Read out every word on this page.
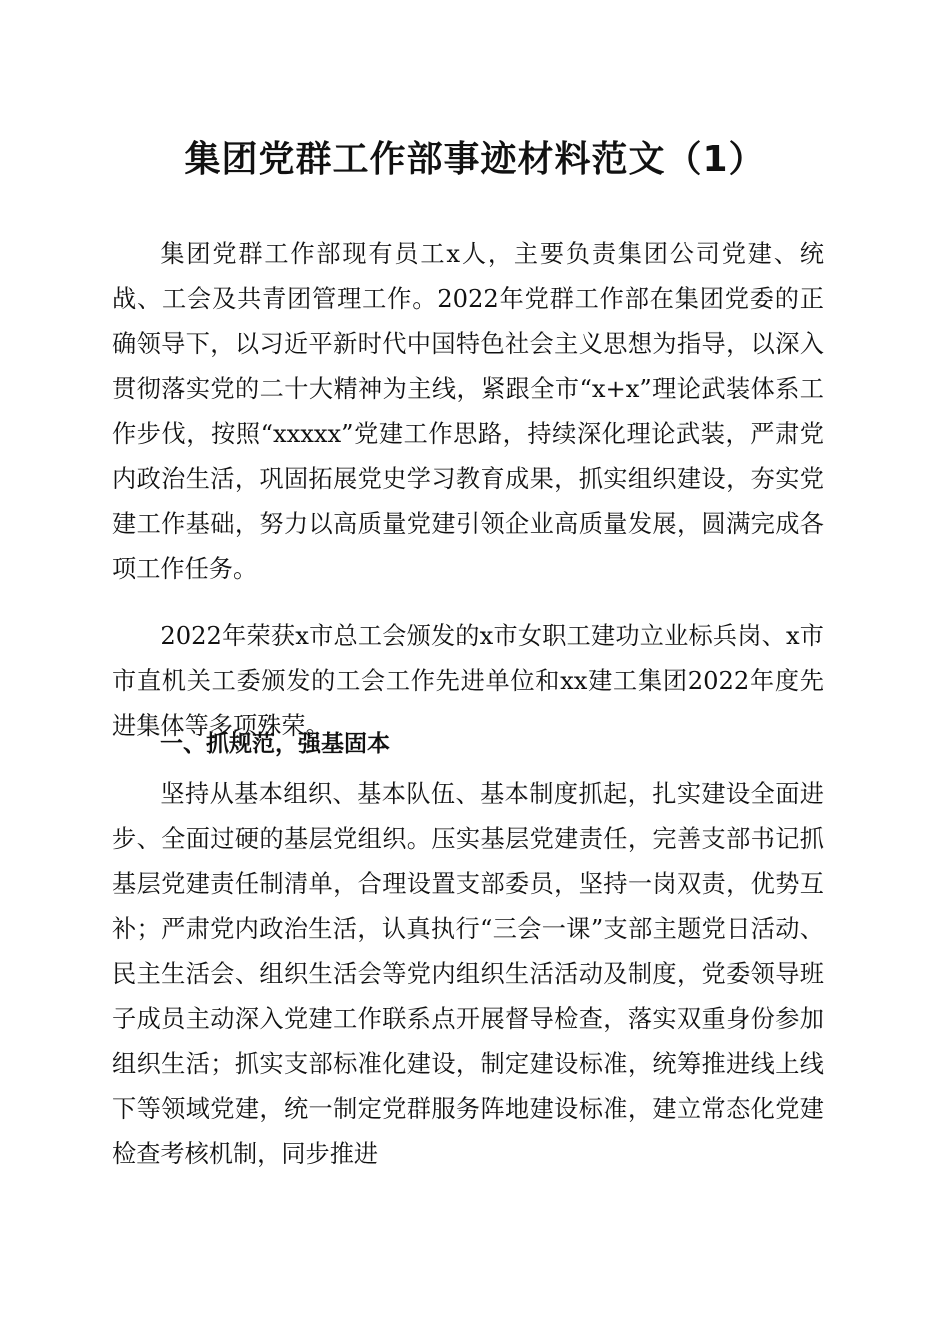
集团党群工作部事迹材料范文（1）

集团党群工作部现有员工x人，主要负责集团公司党建、统战、工会及共青团管理工作。2022年党群工作部在集团党委的正确领导下，以习近平新时代中国特色社会主义思想为指导，以深入贯彻落实党的二十大精神为主线，紧跟全市“x+x”理论武装体系工作步伐，按照“xxxxx”党建工作思路，持续深化理论武装，严肃党内政治生活，巩固拓展党史学习教育成果，抓实组织建设，夯实党建工作基础，努力以高质量党建引领企业高质量发展，圆满完成各项工作任务。

2022年荣获x市总工会颁发的x市女职工建功立业标兵岗、x市市直机关工委颁发的工会工作先进单位和xx建工集团2022年度先进集体等多项殊荣。

一、抓规范，强基固本

坚持从基本组织、基本队伍、基本制度抓起，扎实建设全面进步、全面过硬的基层党组织。压实基层党建责任，完善支部书记抓基层党建责任制清单，合理设置支部委员，坚持一岗双责，优势互补；严肃党内政治生活，认真执行“三会一课”支部主题党日活动、民主生活会、组织生活会等党内组织生活活动及制度，党委领导班子成员主动深入党建工作联系点开展督导检查，落实双重身份参加组织生活；抓实支部标准化建设，制定建设标准，统筹推进线上线下等领域党建，统一制定党群服务阵地建设标准，建立常态化党建检查考核机制，同步推进
